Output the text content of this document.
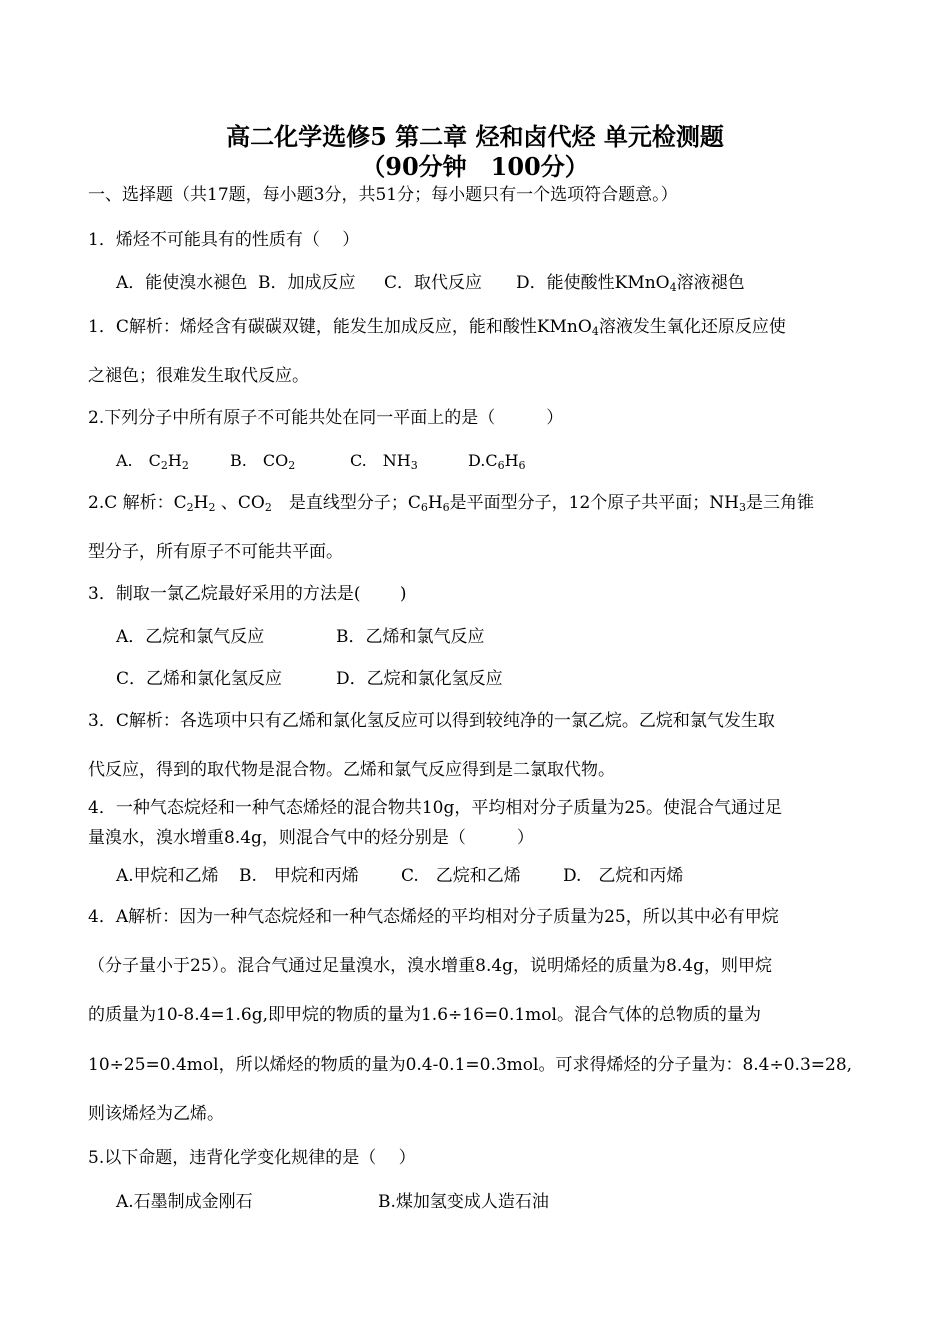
高二化学选修5 第二章 烃和卤代烃 单元检测题
（90分钟　100分）
一、选择题（共17题，每小题3分，共51分；每小题只有一个选项符合题意。）
1．烯烃不可能具有的性质有（　 ）
A．能使溴水褪色 B．加成反应 C．取代反应 D．能使酸性KMnO$_4$溶液褪色
1．C解析：烯烃含有碳碳双键，能发生加成反应，能和酸性KMnO$_4$溶液发生氧化还原反应使
之褪色；很难发生取代反应。
2.下列分子中所有原子不可能共处在同一平面上的是（　　　）
A.　$C_2H_2$	B.　$CO_2$	C.　$NH_3$	$D.C_6H_6$
2.C 解析：$C_2H_2$ 、$CO_2$　是直线型分子；$C_6H_6$是平面型分子，12个原子共平面；$NH_3$是三角锥
型分子，所有原子不可能共平面。
3．制取一氯乙烷最好采用的方法是(　　 )
A．乙烷和氯气反应	B．乙烯和氯气反应
C．乙烯和氯化氢反应	D．乙烷和氯化氢反应
3．C解析：各选项中只有乙烯和氯化氢反应可以得到较纯净的一氯乙烷。乙烷和氯气发生取
代反应，得到的取代物是混合物。乙烯和氯气反应得到是二氯取代物。
4．一种气态烷烃和一种气态烯烃的混合物共10g，平均相对分子质量为25。使混合气通过足
量溴水，溴水增重8.4g，则混合气中的烃分别是（　　　）
A.甲烷和乙烯 B.　甲烷和丙烯 C.　乙烷和乙烯 D.　乙烷和丙烯
4．A解析：因为一种气态烷烃和一种气态烯烃的平均相对分子质量为25，所以其中必有甲烷
（分子量小于25）。混合气通过足量溴水，溴水增重8.4g，说明烯烃的质量为8.4g，则甲烷
的质量为10-8.4=1.6g,即甲烷的物质的量为1.6÷16=0.1mol。混合气体的总物质的量为
10÷25=0.4mol，所以烯烃的物质的量为0.4-0.1=0.3mol。可求得烯烃的分子量为：8.4÷0.3=28,
则该烯烃为乙烯。
5.以下命题，违背化学变化规律的是（　 ）
A.石墨制成金刚石	B.煤加氢变成人造石油
